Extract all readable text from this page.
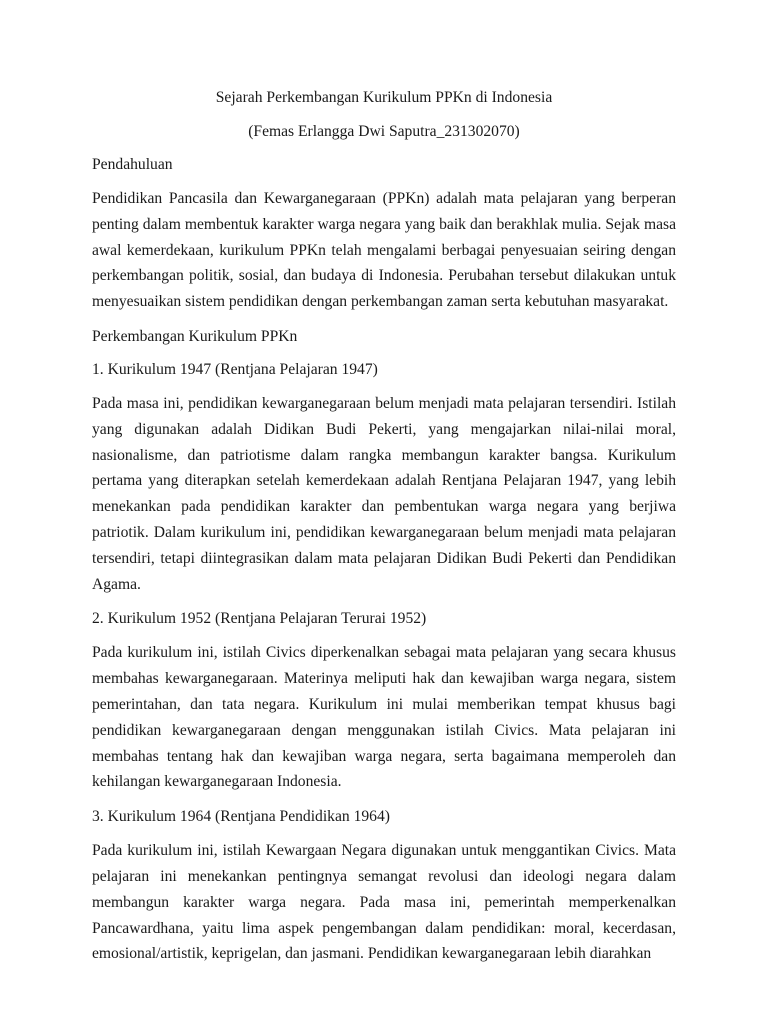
Sejarah Perkembangan Kurikulum PPKn di Indonesia

(Femas Erlangga Dwi Saputra_231302070)

Pendahuluan

Pendidikan Pancasila dan Kewarganegaraan (PPKn) adalah mata pelajaran yang berperan penting dalam membentuk karakter warga negara yang baik dan berakhlak mulia. Sejak masa awal kemerdekaan, kurikulum PPKn telah mengalami berbagai penyesuaian seiring dengan perkembangan politik, sosial, dan budaya di Indonesia. Perubahan tersebut dilakukan untuk menyesuaikan sistem pendidikan dengan perkembangan zaman serta kebutuhan masyarakat.

Perkembangan Kurikulum PPKn

1. Kurikulum 1947 (Rentjana Pelajaran 1947)

Pada masa ini, pendidikan kewarganegaraan belum menjadi mata pelajaran tersendiri. Istilah yang digunakan adalah Didikan Budi Pekerti, yang mengajarkan nilai-nilai moral, nasionalisme, dan patriotisme dalam rangka membangun karakter bangsa. Kurikulum pertama yang diterapkan setelah kemerdekaan adalah Rentjana Pelajaran 1947, yang lebih menekankan pada pendidikan karakter dan pembentukan warga negara yang berjiwa patriotik. Dalam kurikulum ini, pendidikan kewarganegaraan belum menjadi mata pelajaran tersendiri, tetapi diintegrasikan dalam mata pelajaran Didikan Budi Pekerti dan Pendidikan Agama.

2. Kurikulum 1952 (Rentjana Pelajaran Terurai 1952)

Pada kurikulum ini, istilah Civics diperkenalkan sebagai mata pelajaran yang secara khusus membahas kewarganegaraan. Materinya meliputi hak dan kewajiban warga negara, sistem pemerintahan, dan tata negara. Kurikulum ini mulai memberikan tempat khusus bagi pendidikan kewarganegaraan dengan menggunakan istilah Civics. Mata pelajaran ini membahas tentang hak dan kewajiban warga negara, serta bagaimana memperoleh dan kehilangan kewarganegaraan Indonesia.

3. Kurikulum 1964 (Rentjana Pendidikan 1964)

Pada kurikulum ini, istilah Kewargaan Negara digunakan untuk menggantikan Civics. Mata pelajaran ini menekankan pentingnya semangat revolusi dan ideologi negara dalam membangun karakter warga negara. Pada masa ini, pemerintah memperkenalkan Pancawardhana, yaitu lima aspek pengembangan dalam pendidikan: moral, kecerdasan, emosional/artistik, keprigelan, dan jasmani. Pendidikan kewarganegaraan lebih diarahkan
